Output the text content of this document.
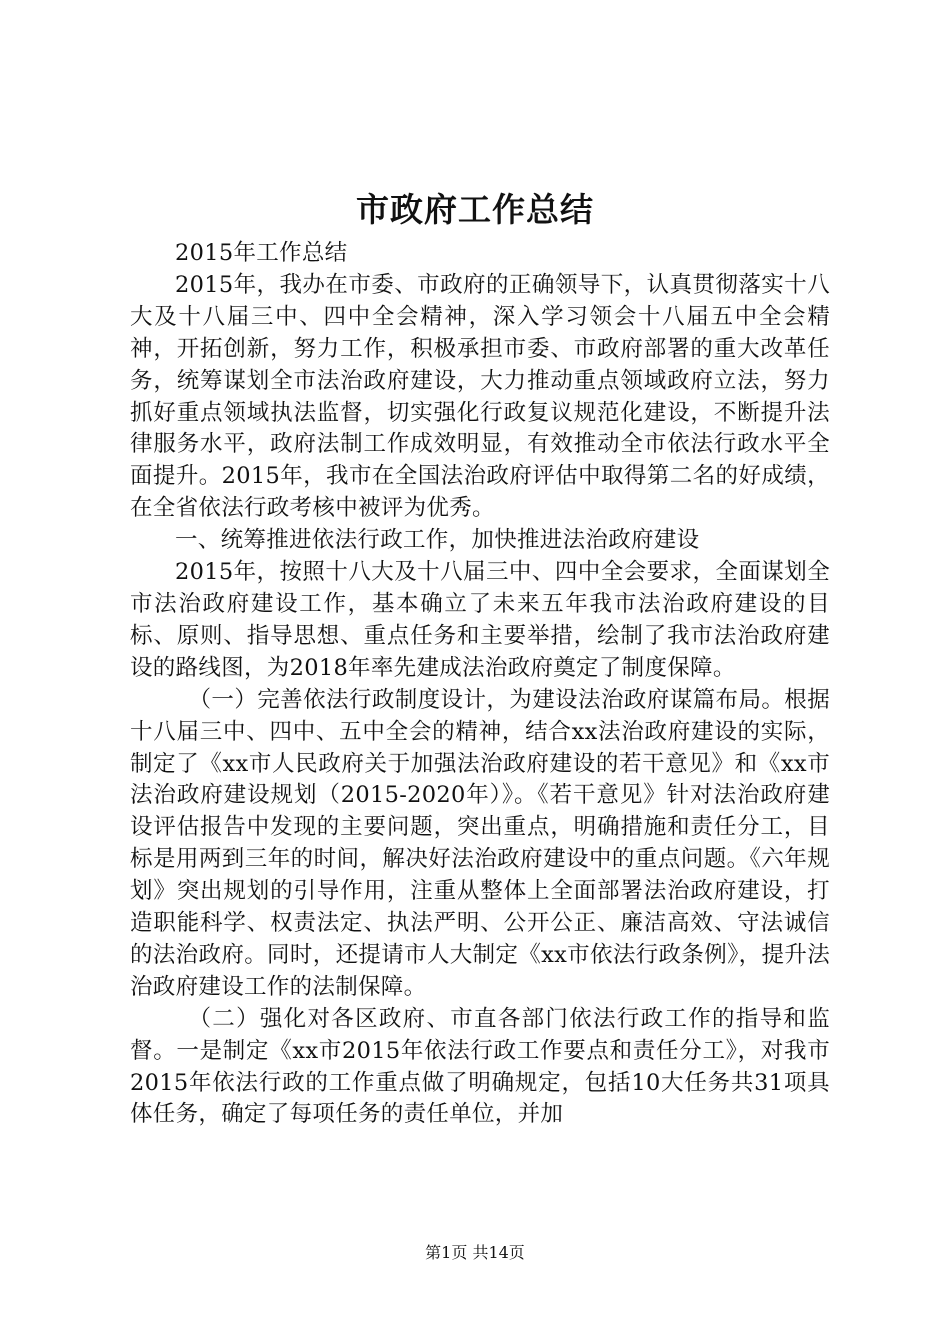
市政府工作总结

2015年工作总结

2015年，我办在市委、市政府的正确领导下，认真贯彻落实十八大及十八届三中、四中全会精神，深入学习领会十八届五中全会精神，开拓创新，努力工作，积极承担市委、市政府部署的重大改革任务，统筹谋划全市法治政府建设，大力推动重点领域政府立法，努力抓好重点领域执法监督，切实强化行政复议规范化建设，不断提升法律服务水平，政府法制工作成效明显，有效推动全市依法行政水平全面提升。2015年，我市在全国法治政府评估中取得第二名的好成绩，在全省依法行政考核中被评为优秀。

一、统筹推进依法行政工作，加快推进法治政府建设

2015年，按照十八大及十八届三中、四中全会要求，全面谋划全市法治政府建设工作，基本确立了未来五年我市法治政府建设的目标、原则、指导思想、重点任务和主要举措，绘制了我市法治政府建设的路线图，为2018年率先建成法治政府奠定了制度保障。

（一）完善依法行政制度设计，为建设法治政府谋篇布局。根据十八届三中、四中、五中全会的精神，结合xx法治政府建设的实际，制定了《xx市人民政府关于加强法治政府建设的若干意见》和《xx市法治政府建设规划（2015-2020年）》。《若干意见》针对法治政府建设评估报告中发现的主要问题，突出重点，明确措施和责任分工，目标是用两到三年的时间，解决好法治政府建设中的重点问题。《六年规划》突出规划的引导作用，注重从整体上全面部署法治政府建设，打造职能科学、权责法定、执法严明、公开公正、廉洁高效、守法诚信的法治政府。同时，还提请市人大制定《xx市依法行政条例》，提升法治政府建设工作的法制保障。

（二）强化对各区政府、市直各部门依法行政工作的指导和监督。一是制定《xx市2015年依法行政工作要点和责任分工》，对我市2015年依法行政的工作重点做了明确规定，包括10大任务共31项具体任务，确定了每项任务的责任单位，并加

第1页 共14页
